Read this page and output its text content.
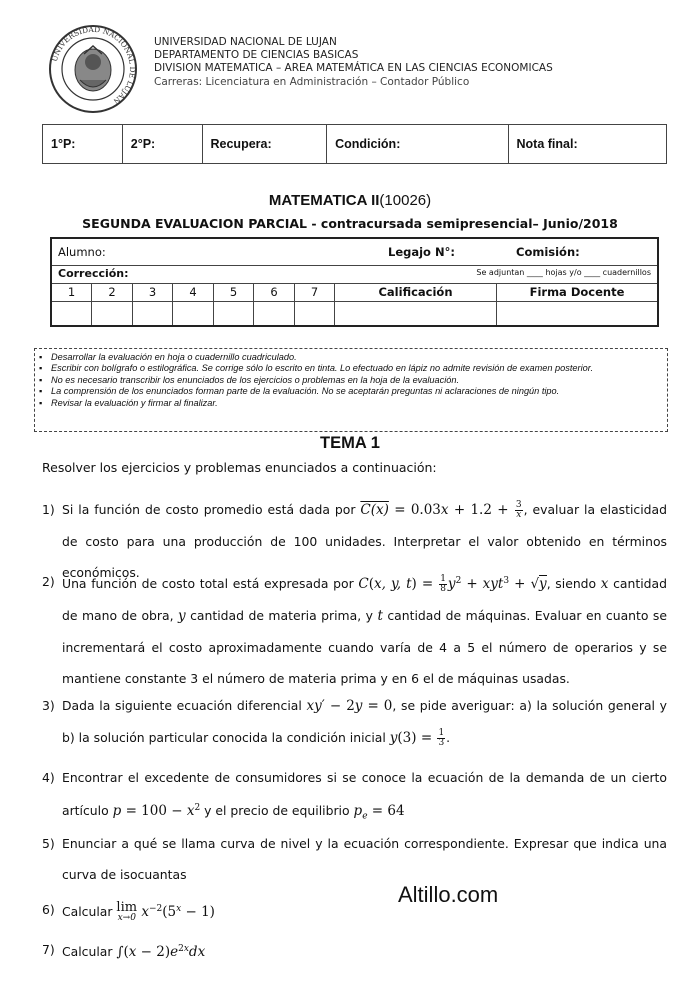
UNIVERSIDAD NACIONAL DE LUJAN
UNIVERSIDAD NACIONAL DE LUJAN
DEPARTAMENTO DE CIENCIAS BASICAS
DIVISION MATEMATICA – AREA MATEMÁTICA EN LAS CIENCIAS ECONOMICAS
Carreras: Licenciatura en Administración – Contador Público
1°P:	2°P:	Recupera:	Condición:	Nota final:
MATEMATICA II(10026)
SEGUNDA EVALUACION PARCIAL - contracursada semipresencial– Junio/2018
Alumno:	Legajo N°:	Comisión:
Corrección:	Se adjuntan ____ hojas y/o ____ cuadernillos
1	2	3	4	5	6	7	Calificación	Firma Docente
▪ Desarrollar la evaluación en hoja o cuadernillo cuadriculado.
▪ Escribir con bolígrafo o estilográfica. Se corrige sólo lo escrito en tinta. Lo efectuado en lápiz no admite revisión de examen posterior.
▪ No es necesario transcribir los enunciados de los ejercicios o problemas en la hoja de la evaluación.
▪ La comprensión de los enunciados forman parte de la evaluación. No se aceptarán preguntas ni aclaraciones de ningún tipo.
▪ Revisar la evaluación y firmar al finalizar.
TEMA 1
Resolver los ejercicios y problemas enunciados a continuación:
1) Si la función de costo promedio está dada por $C(x) = 0.03x + 1.2 + \frac{3}{x}$ , evaluar la elasticidad de costo para una producción de 100 unidades. Interpretar el valor obtenido en términos económicos.
2) Una función de costo total está expresada por C(x, y, $t) = \frac{1}{8} y^2 + xyt^3 + √y$, siendo x cantidad de mano de obra, y cantidad de materia prima, y t cantidad de máquinas. Evaluar en cuanto se incrementará el costo aproximadamente cuando varía de 4 a 5 el número de operarios y se mantiene constante 3 el número de materia prima y en 6 el de máquinas usadas.
3) Dada la siguiente ecuación diferencial xy′ − 2y = 0, se pide averiguar: a) la solución general y b) la solución particular conocida la condición inicial $y(3) = \frac{1}{3}$ .
4) Encontrar el excedente de consumidores si se conoce la ecuación de la demanda de un cierto artículo $p = 100 - x^2$ y el precio de equilibrio $p_e = 64$
5) Enunciar a qué se llama curva de nivel y la ecuación correspondiente. Expresar que indica una curva de isocuantas
6) Calcular lim
x→0 $x^{-2}(5^x - 1)$
7) Calcular $\int(x - 2)e^{2x}dx$
Altillo.com
